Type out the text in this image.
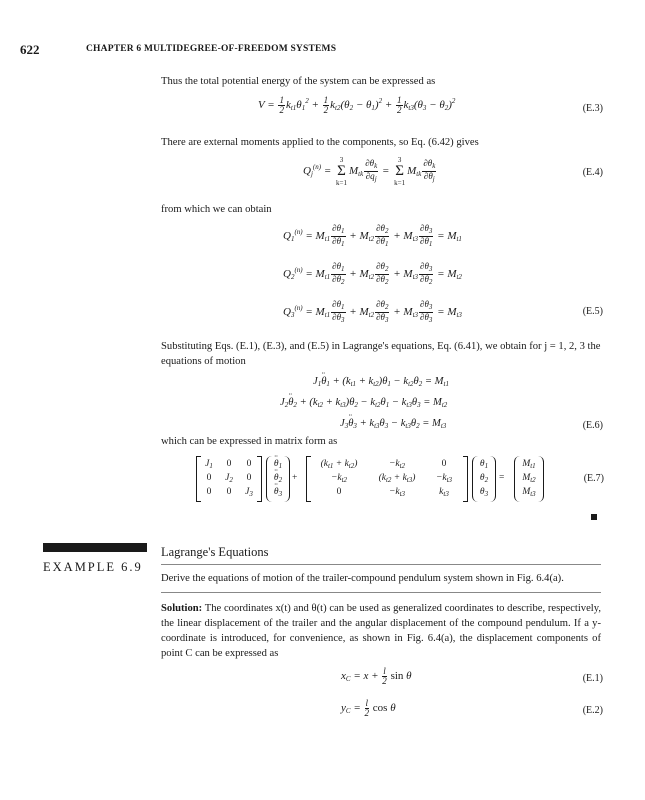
622	CHAPTER 6 MULTIDEGREE-OF-FREEDOM SYSTEMS
Thus the total potential energy of the system can be expressed as
$V = \frac{1}{2} k_{t1}\theta_1^2 + \frac{1}{2} k_{t2}(\theta_2 - \theta_1)^2 + \frac{1}{2} k_{t3}(\theta_3 - \theta_2)^2$
(E.3)
There are external moments applied to the components, so Eq. (6.42) gives
$Q_j^{(n)} = 3$
Σ
$k=1M_{tk} \frac{\partial\theta_k}{\partial q_j} = 3$
Σ
$k=1M_{tk} \frac{\partial\theta_k}{\partial\theta_j}$	(E.4)
from which we can obtain
$Q_1^{(n)} = M_{t1} \frac{\partial\theta_1}{\partial\theta_1} + M_{t2} \frac{\partial\theta_2}{\partial\theta_1} + M_{t3} \frac{\partial\theta_3}{\partial\theta_1} = M_{t1}$
$Q_2^{(n)} = M_{t1} \frac{\partial\theta_1}{\partial\theta_2} + M_{t2} \frac{\partial\theta_2}{\partial\theta_2} + M_{t3} \frac{\partial\theta_3}{\partial\theta_2} = M_{t2}$
$Q_3^{(n)} = M_{t1} \frac{\partial\theta_1}{\partial\theta_3} + M_{t2} \frac{\partial\theta_2}{\partial\theta_3} + M_{t3} \frac{\partial\theta_3}{\partial\theta_3} = M_{t3}$	(E.5)
Substituting Eqs. (E.1), (E.3), and (E.5) in Lagrange's equations, Eq. (6.41), we obtain for j = 1, 2, 3 the equations of motion
$J_1\cdot\cdot \theta_1 + (k_{t1} + k_{t2})\theta_1 - k_{t2}\theta_2 = M_{t1}$
$J_2\cdot\cdot \theta_2 + (k_{t2} + k_{t3})\theta_2 - k_{t2}\theta_1 - k_{t3}\theta_3 = M_{t2}$
$J_3\cdot\cdot \theta_3 + k_{t3}\theta_3 - k_{t3}\theta_2 = M_{t3}$	(E.6)
which can be expressed in matrix form as
$J_1$	0	0
0	$J_2$	0
0	0	$J_3$
·· $\theta_1$
·· $\theta_2$
·· $\theta_3$
+
$(k_{t1} + k_{t2})$	$-k_{t2}$	0
$-k_{t2}$	$(k_{t2} + k_{t3})$	$-k_{t3}$
0	$-k_{t3}$	$k_{t3}$
$\theta_1$
$\theta_2$
$\theta_3$
=
$M_{t1}$
$M_{t2}$
$M_{t3}$
(E.7)
EXAMPLE 6.9
Lagrange's Equations
Derive the equations of motion of the trailer-compound pendulum system shown in Fig. 6.4(a).
Solution: The coordinates x(t) and θ(t) can be used as generalized coordinates to describe, respectively, the linear displacement of the trailer and the angular displacement of the compound pendulum. If a y-coordinate is introduced, for convenience, as shown in Fig. 6.4(a), the displacement components of point C can be expressed as
$x_C = x + \frac{l}{2}$ sin θ	(E.1)
$y_C = \frac{l}{2}$ cos θ	(E.2)
